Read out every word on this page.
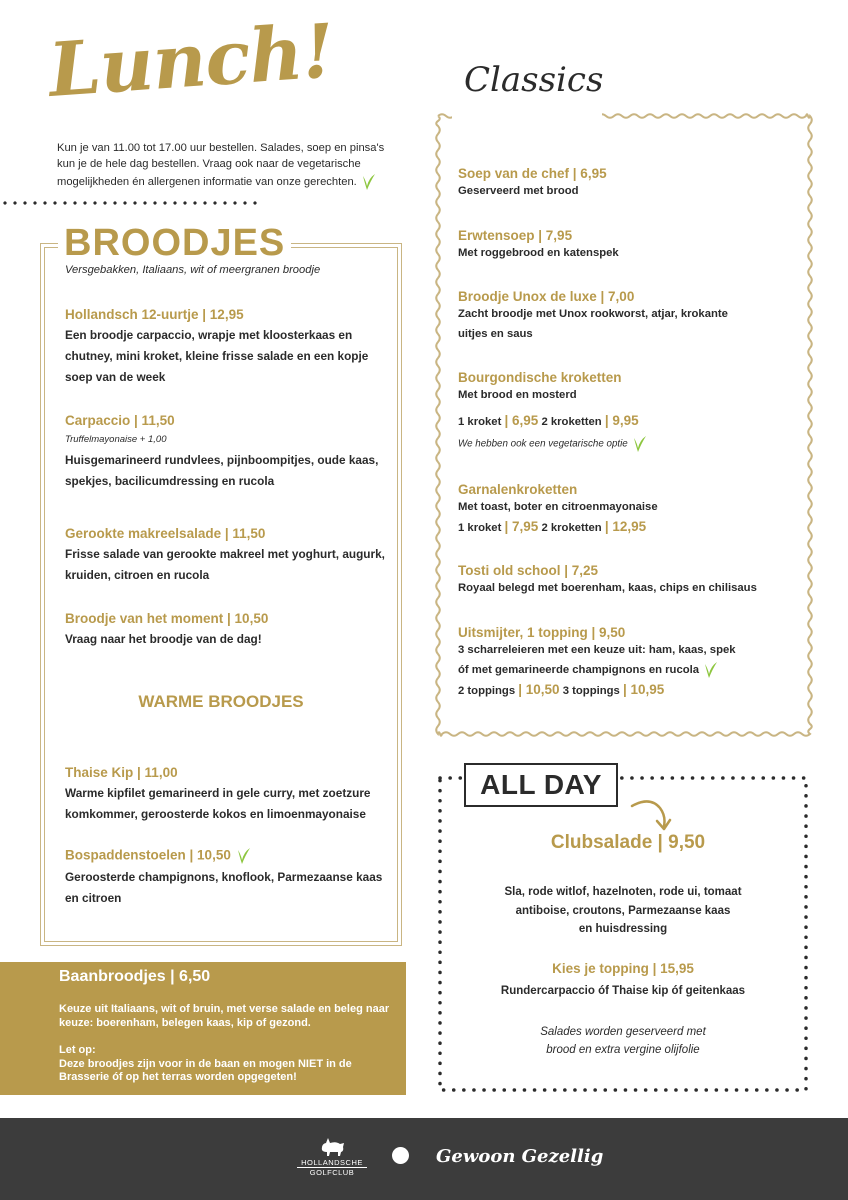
Lunch!
Kun je van 11.00 tot 17.00 uur bestellen. Salades, soep en pinsa's kun je de hele dag bestellen. Vraag ook naar de vegetarische mogelijkheden én allergenen informatie van onze gerechten.
BROODJES
Versgebakken, Italiaans, wit of meergranen broodje
Hollandsch 12-uurtje | 12,95
Een broodje carpaccio, wrapje met kloosterkaas en chutney, mini kroket, kleine frisse salade en een kopje soep van de week
Carpaccio | 11,50
Truffelmayonaise + 1,00
Huisgemarineerd rundvlees, pijnboompitjes, oude kaas, spekjes, bacilicumdressing en rucola
Gerookte makreelsalade | 11,50
Frisse salade van gerookte makreel met yoghurt, augurk, kruiden, citroen en rucola
Broodje van het moment | 10,50
Vraag naar het broodje van de dag!
WARME BROODJES
Thaise Kip | 11,00
Warme kipfilet gemarineerd in gele curry, met zoetzure komkommer, geroosterde kokos en limoenmayonaise
Bospaddenstoelen | 10,50
Geroosterde champignons, knoflook, Parmezaanse kaas en citroen
Baanbroodjes | 6,50
Keuze uit Italiaans, wit of bruin, met verse salade en beleg naar keuze: boerenham, belegen kaas, kip of gezond.
Let op:
Deze broodjes zijn voor in de baan en mogen NIET in de Brasserie óf op het terras worden opgegeten!
Classics
Soep van de chef | 6,95
Geserveerd met brood
Erwtensoep | 7,95
Met roggebrood en katenspek
Broodje Unox de luxe | 7,00
Zacht broodje met Unox rookworst, atjar, krokante uitjes en saus
Bourgondische kroketten
Met brood en mosterd
1 kroket | 6,95 2 kroketten | 9,95
We hebben ook een vegetarische optie
Garnalenkroketten
Met toast, boter en citroenmayonaise
1 kroket | 7,95 2 kroketten | 12,95
Tosti old school | 7,25
Royaal belegd met boerenham, kaas, chips en chilisaus
Uitsmijter, 1 topping | 9,50
3 scharreleieren met een keuze uit: ham, kaas, spek
óf met gemarineerde champignons en rucola
2 toppings | 10,50 3 toppings | 10,95
ALL DAY
Clubsalade | 9,50
Sla, rode witlof, hazelnoten, rode ui, tomaat
antiboise, croutons, Parmezaanse kaas
en huisdressing
Kies je topping | 15,95
Rundercarpaccio óf Thaise kip óf geitenkaas
Salades worden geserveerd met
brood en extra vergine olijfolie
HOLLANDSCHE
GOLFCLUB
Gewoon Gezellig
